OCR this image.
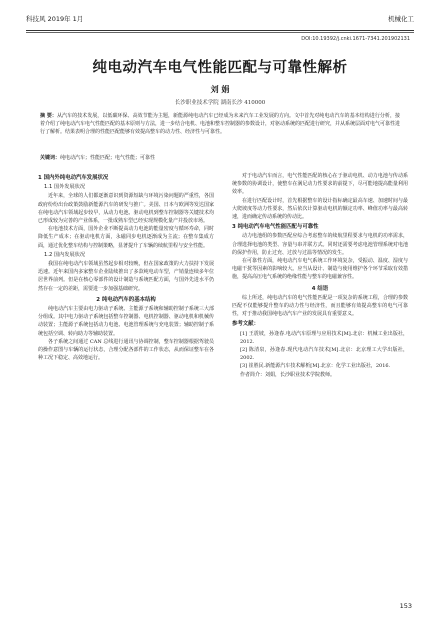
科技风 2019年 1月	机械化工
DOI:10.19392/j.cnki.1671-7341.201902131
纯电动汽车电气性能匹配与可靠性解析
刘 娟
长沙职业技术学院 湖南长沙 410000
摘 要：从汽车的技术发展，以低碳环保、高效节能为主题，新能源纯电动汽车已经成为未来汽车工业发展的方向。文中首先对纯电动汽车的基本结构进行分析，接着介绍了纯电动汽车电气性能匹配的基本原则与方法，进一步结合电机、电池和整车控制器的参数设计，对驱动系统的匹配进行研究，并从系统层面对电气可靠性进行了解析。结果表明合理的性能匹配能够有效提高整车的动力性、经济性与可靠性。
关键词：纯电动汽车；性能匹配；电气性能；可靠性
1 国内外纯电动汽车发展状况
1.1 国外发展状况

近年来，全球的人们都逐渐意识到资源短缺与环境污染问题的严重性，各国政府纷纷出台政策鼓励新能源汽车的研发与推广。美国、日本与欧洲等发达国家在纯电动汽车领域起步较早，从动力电池、驱动电机到整车控制器等关键技术均已形成较为完善的产业体系，一批成熟车型已经实现规模化量产并投放市场。

在电池技术方面，国外企业不断提高动力电池的能量密度与循环寿命，同时降低生产成本；在驱动电机方面，永磁同步电机逐渐成为主流；在整车集成方面，通过优化整车结构与控制策略，显著提升了车辆的续航里程与安全性能。

1.2 国内发展状况

我国在纯电动汽车领域虽然起步相对较晚，但在国家政策的大力扶持下发展迅速。近年来国内多家整车企业陆续推出了多款纯电动车型，产销量连续多年位居世界前列。但是在核心零部件的设计制造与系统匹配方面，与国外先进水平仍然存在一定的差距，需要进一步加强基础研究。

2 纯电动汽车的基本结构

纯电动汽车主要由电力驱动子系统、主能源子系统和辅助控制子系统三大部分组成。其中电力驱动子系统包括整车控制器、电机控制器、驱动电机和机械传动装置；主能源子系统包括动力电池、电池管理系统与充电装置；辅助控制子系统包括空调、转向助力等辅助装置。

各子系统之间通过 CAN 总线进行通讯与协调控制，整车控制器根据驾驶员的操作意图与车辆的运行状态，合理分配各部件的工作状态，从而保证整车在各种工况下稳定、高效地运行。

对于电动汽车而言，电气性能匹配的核心在于驱动电机、动力电池与传动系统参数的协调设计，使整车在满足动力性要求的前提下，尽可能地提高能量利用效率。

在进行匹配设计时，首先根据整车的设计指标确定最高车速、加速时间与最大爬坡度等动力性要求，然后依次计算驱动电机的额定功率、峰值功率与最高转速，进而确定传动系统的传动比。

3 纯电动汽车电气性能匹配与可靠性

动力电池组的参数匹配应综合考虑整车的续航里程要求与电机的功率需求，合理选择电池的类型、容量与串并联方式。同时还需要考虑电池管理系统对电池的保护作用，防止过充、过放与过温等情况的发生。

在可靠性方面，纯电动汽车电气系统工作环境复杂，受振动、温度、湿度与电磁干扰等因素的影响较大。应当从设计、制造与使用维护各个环节采取有效措施，提高高压电气系统的绝缘性能与整车的电磁兼容性。

4 结语

综上所述，纯电动汽车的电气性能匹配是一项复杂的系统工程，合理的参数匹配不仅能够提升整车的动力性与经济性，而且能够有效提高整车的电气可靠性，对于推动我国纯电动汽车产业的发展具有重要意义。

参考文献：

[1] 王震坡，孙逢春.电动汽车原理与应用技术[M].北京：机械工业出版社，2012.

[2] 陈清泉，孙逢春.现代电动汽车技术[M].北京：北京理工大学出版社，2002.

[3] 崔胜民.新能源汽车技术解析[M].北京：化学工业出版社，2016.

作者简介：刘娟，长沙职业技术学院教师。

153
